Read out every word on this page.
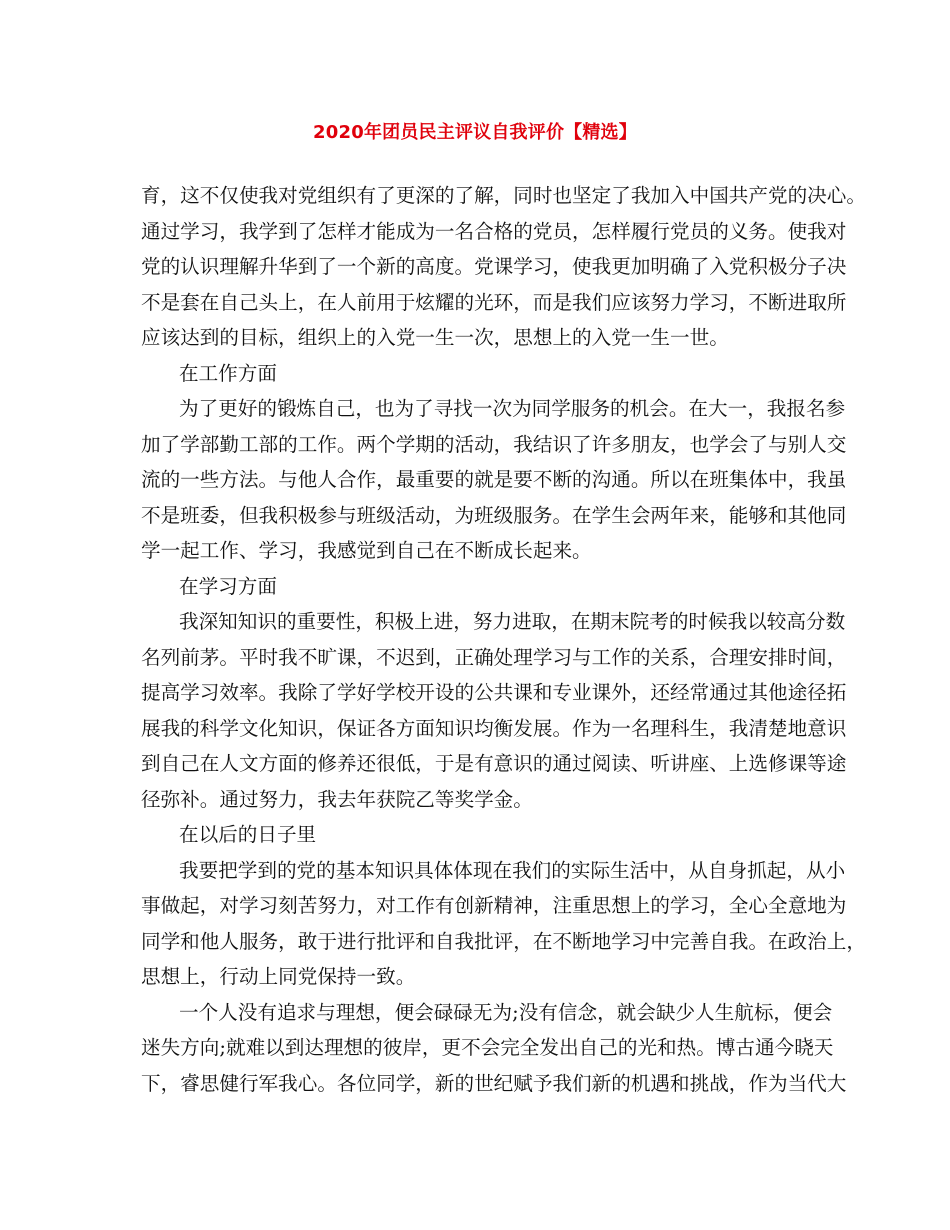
2020年团员民主评议自我评价【精选】
育，这不仅使我对党组织有了更深的了解，同时也坚定了我加入中国共产党的决心。
通过学习，我学到了怎样才能成为一名合格的党员，怎样履行党员的义务。使我对
党的认识理解升华到了一个新的高度。党课学习，使我更加明确了入党积极分子决
不是套在自己头上，在人前用于炫耀的光环，而是我们应该努力学习，不断进取所
应该达到的目标，组织上的入党一生一次，思想上的入党一生一世。
在工作方面
为了更好的锻炼自己，也为了寻找一次为同学服务的机会。在大一，我报名参
加了学部勤工部的工作。两个学期的活动，我结识了许多朋友，也学会了与别人交
流的一些方法。与他人合作，最重要的就是要不断的沟通。所以在班集体中，我虽
不是班委，但我积极参与班级活动，为班级服务。在学生会两年来，能够和其他同
学一起工作、学习，我感觉到自己在不断成长起来。
在学习方面
我深知知识的重要性，积极上进，努力进取，在期末院考的时候我以较高分数
名列前茅。平时我不旷课，不迟到，正确处理学习与工作的关系，合理安排时间，
提高学习效率。我除了学好学校开设的公共课和专业课外，还经常通过其他途径拓
展我的科学文化知识，保证各方面知识均衡发展。作为一名理科生，我清楚地意识
到自己在人文方面的修养还很低，于是有意识的通过阅读、听讲座、上选修课等途
径弥补。通过努力，我去年获院乙等奖学金。
在以后的日子里
我要把学到的党的基本知识具体体现在我们的实际生活中，从自身抓起，从小
事做起，对学习刻苦努力，对工作有创新精神，注重思想上的学习，全心全意地为
同学和他人服务，敢于进行批评和自我批评，在不断地学习中完善自我。在政治上，
思想上，行动上同党保持一致。
一个人没有追求与理想，便会碌碌无为;没有信念，就会缺少人生航标，便会
迷失方向;就难以到达理想的彼岸，更不会完全发出自己的光和热。博古通今晓天
下，睿思健行军我心。各位同学，新的世纪赋予我们新的机遇和挑战，作为当代大
